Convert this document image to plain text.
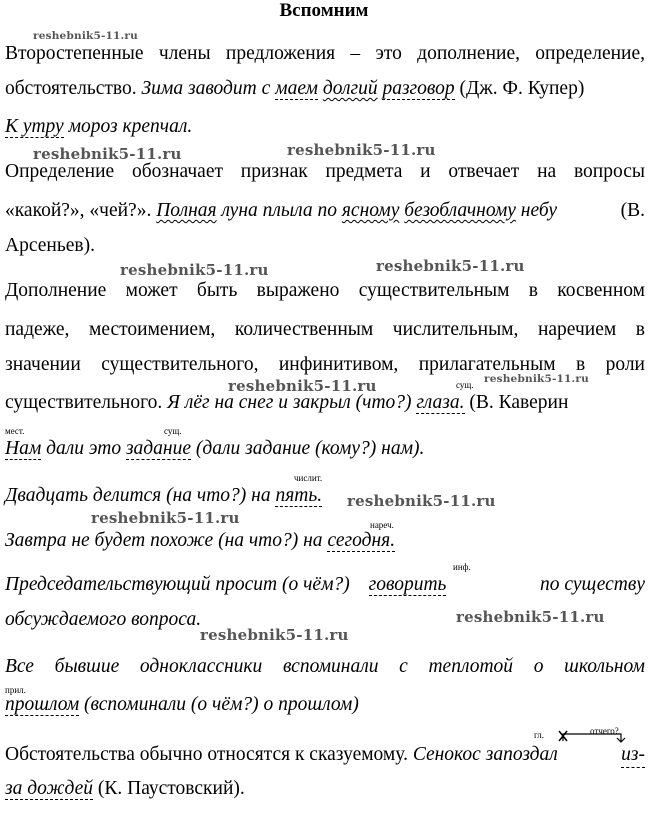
Вспомним
reshebnik5-11.ru
reshebnik5-11.ru	reshebnik5-11.ru
reshebnik5-11.ru	reshebnik5-11.ru
reshebnik5-11.ru	reshebnik5-11.ru
reshebnik5-11.ru
reshebnik5-11.ru
reshebnik5-11.ru
reshebnik5-11.ru
Второстепенные члены предложения – это дополнение, определение,
обстоятельство. Зима заводит с маем долгий разговор (Дж. Ф. Купер)
К утру мороз крепчал.
Определение обозначает признак предмета и отвечает на вопросы
«какой?», «чей?». Полная луна плыла по ясному безоблачному небу	(В.
Арсеньев).
Дополнение может быть выражено существительным в косвенном
падеже, местоимением, количественным числительным, наречием в
значении существительного, инфинитивом, прилагательным в роли
сущ.
существительного. Я лёг на снег и закрыл (что?) глаза. (В. Каверин
мест.	сущ.
Нам дали это задание (дали задание (кому?) нам).
числит.
Двадцать делится (на что?) на пять.
нареч.
Завтра не будет похоже (на что?) на сегодня.
инф.
Председательствующий просит (о чём?) говорить	по существу
обсуждаемого вопроса.
Все бывшие одноклассники вспоминали с теплотой о школьном
прил.
прошлом (вспоминали (о чём?) о прошлом)
гл.	отчего?
Обстоятельства обычно относятся к сказуемому. Сенокос запоздал	из-
за дождей (К. Паустовский).
